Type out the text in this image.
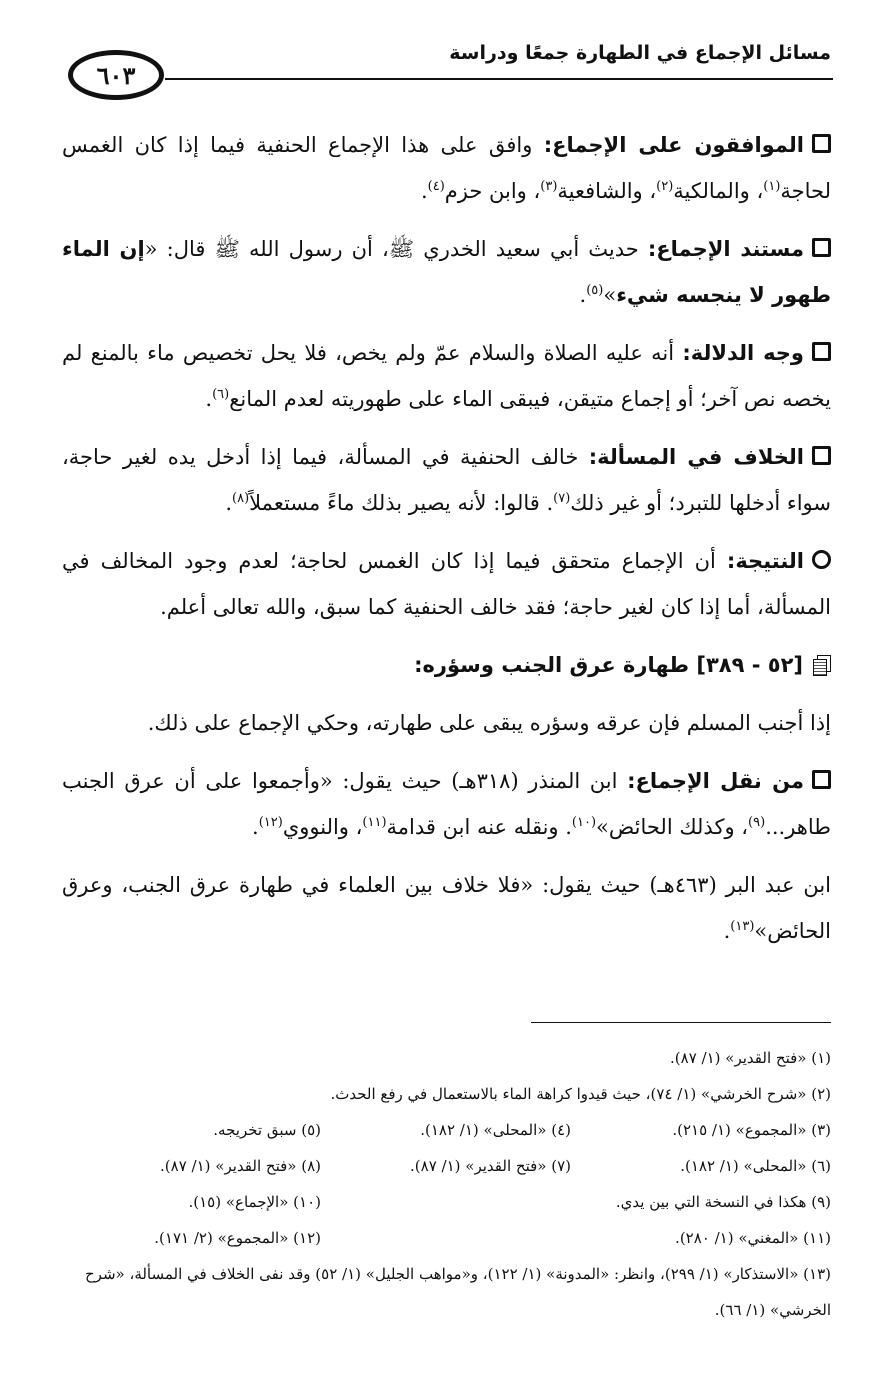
مسائل الإجماع في الطهارة جمعًا ودراسة
٦٠٣

الموافقون على الإجماع: وافق على هذا الإجماع الحنفية فيما إذا كان الغمس لحاجة$^{(١)}$، والمالكية$^{(٢)}$، والشافعية$^{(٣)}$، وابن حزم$^{(٤)}$.

مستند الإجماع: حديث أبي سعيد الخدري ﷺ، أن رسول الله ﷺ قال: «إن الماء طهور لا ينجسه شيء»$^{(٥)}$.

وجه الدلالة: أنه عليه الصلاة والسلام عمّ ولم يخص، فلا يحل تخصيص ماء بالمنع لم يخصه نص آخر؛ أو إجماع متيقن، فيبقى الماء على طهوريته لعدم المانع$^{(٦)}$.

الخلاف في المسألة: خالف الحنفية في المسألة، فيما إذا أدخل يده لغير حاجة، سواء أدخلها للتبرد؛ أو غير ذلك$^{(٧)}$. قالوا: لأنه يصير بذلك ماءً مستعملاً$^{(٨)}$.

النتيجة: أن الإجماع متحقق فيما إذا كان الغمس لحاجة؛ لعدم وجود المخالف في المسألة، أما إذا كان لغير حاجة؛ فقد خالف الحنفية كما سبق، والله تعالى أعلم.

[٥٢ - ٣٨٩] طهارة عرق الجنب وسؤره:

إذا أجنب المسلم فإن عرقه وسؤره يبقى على طهارته، وحكي الإجماع على ذلك.

من نقل الإجماع: ابن المنذر (٣١٨هـ) حيث يقول: «وأجمعوا على أن عرق الجنب طاهر...$^{(٩)}$، وكذلك الحائض»$^{(١٠)}$. ونقله عنه ابن قدامة$^{(١١)}$، والنووي$^{(١٢)}$.

ابن عبد البر (٤٦٣هـ) حيث يقول: «فلا خلاف بين العلماء في طهارة عرق الجنب، وعرق الحائض»$^{(١٣)}$.

(١) «فتح القدير» (١/ ٨٧).
(٢) «شرح الخرشي» (١/ ٧٤)، حيث قيدوا كراهة الماء بالاستعمال في رفع الحدث.
(٣) «المجموع» (١/ ٢١٥).
(٤) «المحلى» (١/ ١٨٢).
(٥) سبق تخريجه.
(٦) «المحلى» (١/ ١٨٢).
(٧) «فتح القدير» (١/ ٨٧).
(٨) «فتح القدير» (١/ ٨٧).
(٩) هكذا في النسخة التي بين يدي.
(١٠) «الإجماع» (١٥).
(١١) «المغني» (١/ ٢٨٠).
(١٢) «المجموع» (٢/ ١٧١).
(١٣) «الاستذكار» (١/ ٢٩٩)، وانظر: «المدونة» (١/ ١٢٢)، و«مواهب الجليل» (١/ ٥٢) وقد نفى الخلاف في المسألة، «شرح الخرشي» (١/ ٦٦).
